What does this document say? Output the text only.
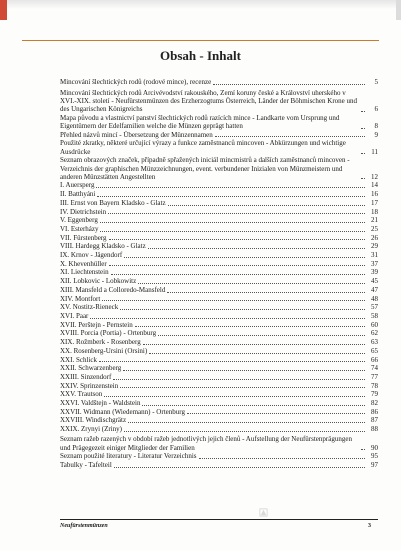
Obsah - Inhalt
Mincování šlechtických rodů (rodové mince), recenze	5
Mincování šlechtických rodů Arcivévodství rakouského, Zemí koruny české a Království uherského v XVI.-XIX. století - Neufürstenmünzen des Erzherzogtums Österreich, Länder der Böhmischen Krone und des Ungarischen Königreichs	6
Mapa původu a vlastnictví panství šlechtických rodů razících mince - Landkarte vom Ursprung und Eigentümern der Edelfamilien welche die Münzen geprägt hatten	8
Přehled názvů mincí - Übersetzung der Münzennamen	9
Použité zkratky, některé určující výrazy a funkce zaměstnanců mincoven - Abkürzungen und wichtige Ausdrücke	11
Seznam obrazových značek, případně spřažených iniciál mincmistrů a dalších zaměstnanců mincoven - Verzeichnis der graphischen Münzzeichnungen, event. verbundener Inizialen von Münzmeistern und anderen Münzstätten Angestellten	12
I. Auersperg	14
II. Batthyáni	16
III. Ernst von Bayern Kladsko - Glatz	17
IV. Dietrichstein	18
V. Eggenberg	21
VI. Esterházy	25
VII. Fürstenberg	26
VIII. Hardegg Kladsko - Glatz	29
IX. Krnov - Jägendorf	31
X. Khevenhüller	37
XI. Liechtenstein	39
XII. Lobkovic - Lobkowitz	45
XIII. Mansfeld a Colloredo-Mansfeld	47
XIV. Montfort	48
XV. Nostitz-Rieneck	57
XVI. Paar	58
XVII. Perštejn - Pernstein	60
XVIII. Porcia (Portia) - Ortenburg	62
XIX. Rožmberk - Rosenberg	63
XX. Rosenberg-Ursini (Orsini)	65
XXI. Schlick	66
XXII. Schwarzenberg	74
XXIII. Sinzendorf	77
XXIV. Sprinzenstein	78
XXV. Trautson	79
XXVI. Valdštejn - Waldstein	82
XXVII. Widmann (Wiedemann) - Ortenburg	86
XXVIII. Windischgrätz	87
XXIX. Zrynyi (Zriny)	88
Seznam ražeb razených v období ražeb jednotlivých jejich členů - Aufstellung der Neufürstenprägungen und Prägegezeit einiger Mitglieder der Familien	90
Seznam použité literatury - Literatur Verzeichnis	95
Tabulky - Tafelteil	97
Neufürstenmünzen	3
